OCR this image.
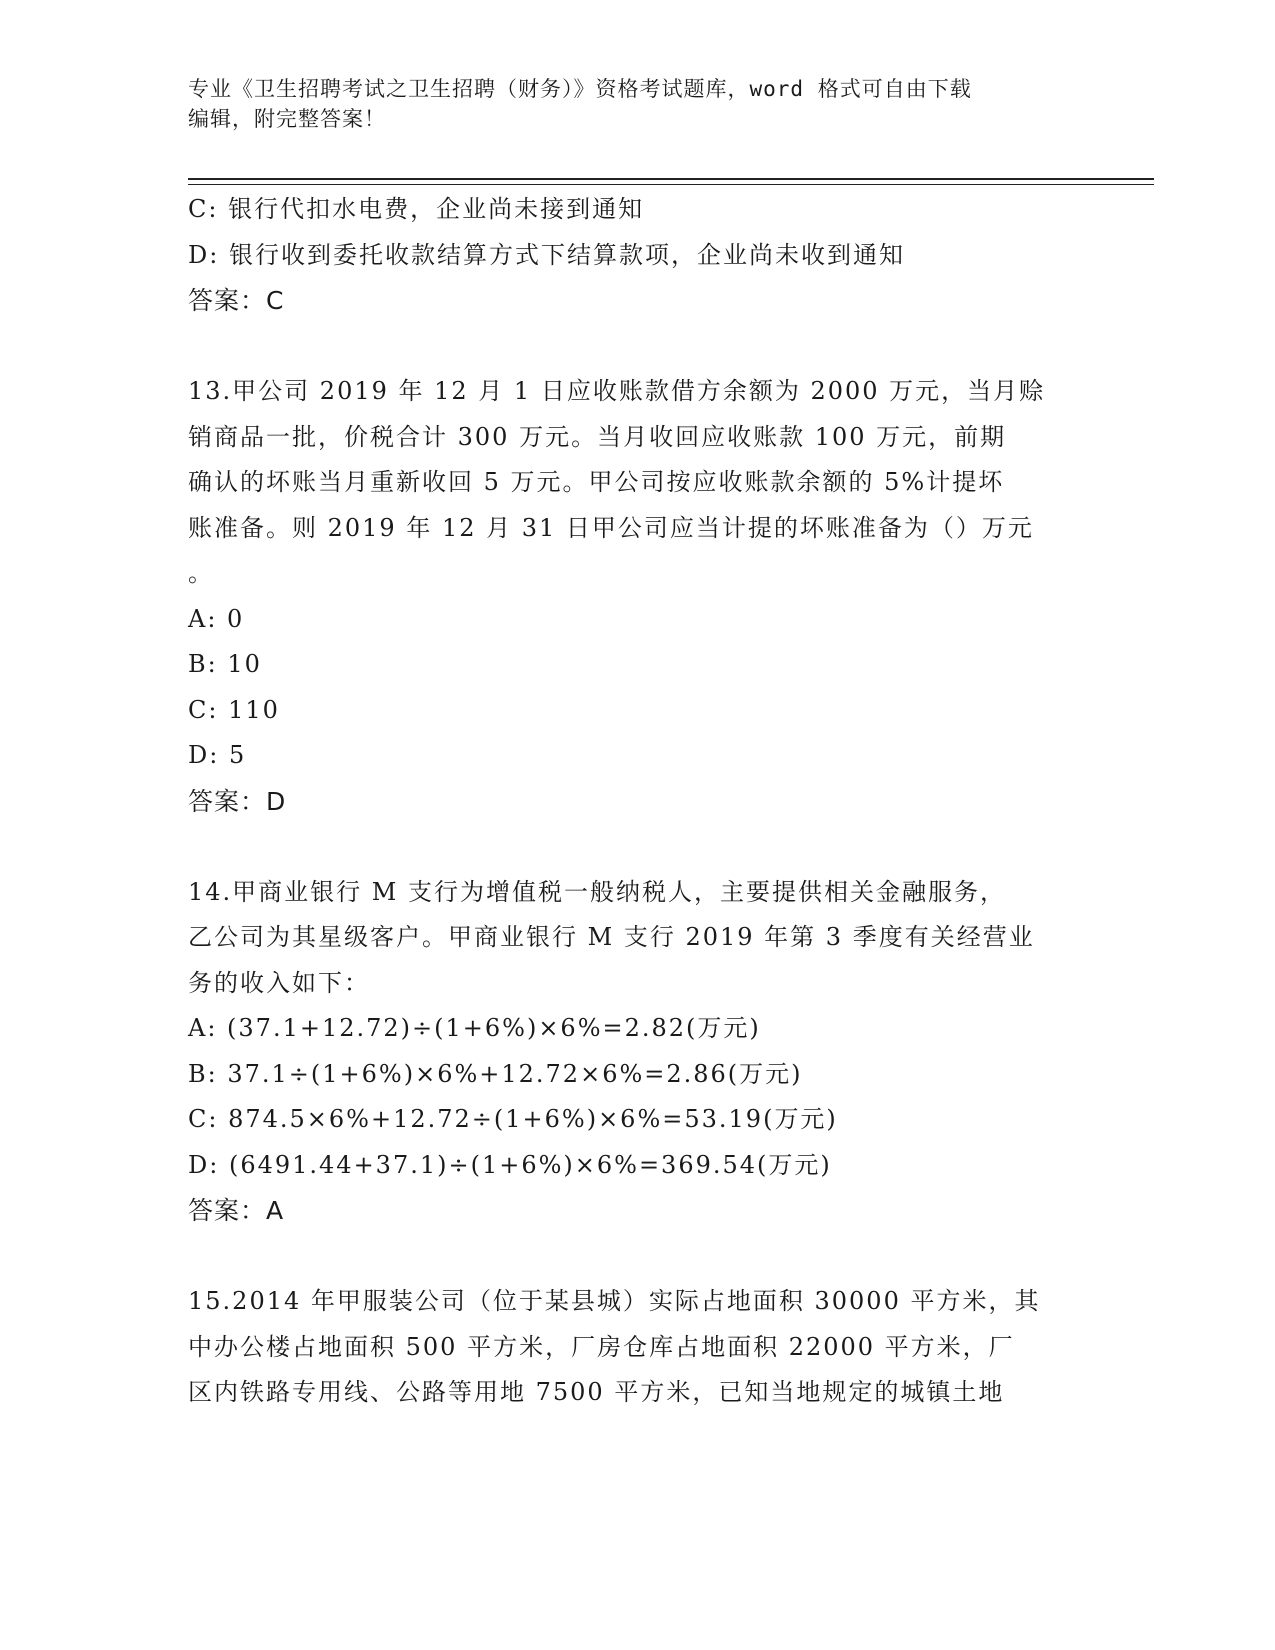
专业《卫生招聘考试之卫生招聘（财务）》资格考试题库，word 格式可自由下载
编辑，附完整答案！
C: 银行代扣水电费，企业尚未接到通知
D: 银行收到委托收款结算方式下结算款项，企业尚未收到通知
答案：C
13.甲公司 2019 年 12 月 1 日应收账款借方余额为 2000 万元，当月赊
销商品一批，价税合计 300 万元。当月收回应收账款 100 万元，前期
确认的坏账当月重新收回 5 万元。甲公司按应收账款余额的 5%计提坏
账准备。则 2019 年 12 月 31 日甲公司应当计提的坏账准备为（）万元
。
A: 0
B: 10
C: 110
D: 5
答案：D
14.甲商业银行 M 支行为增值税一般纳税人，主要提供相关金融服务，
乙公司为其星级客户。甲商业银行 M 支行 2019 年第 3 季度有关经营业
务的收入如下：
A: (37.1+12.72)÷(1+6%)×6%=2.82(万元)
B: 37.1÷(1+6%)×6%+12.72×6%=2.86(万元)
C: 874.5×6%+12.72÷(1+6%)×6%=53.19(万元)
D: (6491.44+37.1)÷(1+6%)×6%=369.54(万元)
答案：A
15.2014 年甲服装公司（位于某县城）实际占地面积 30000 平方米，其
中办公楼占地面积 500 平方米，厂房仓库占地面积 22000 平方米，厂
区内铁路专用线、公路等用地 7500 平方米，已知当地规定的城镇土地
